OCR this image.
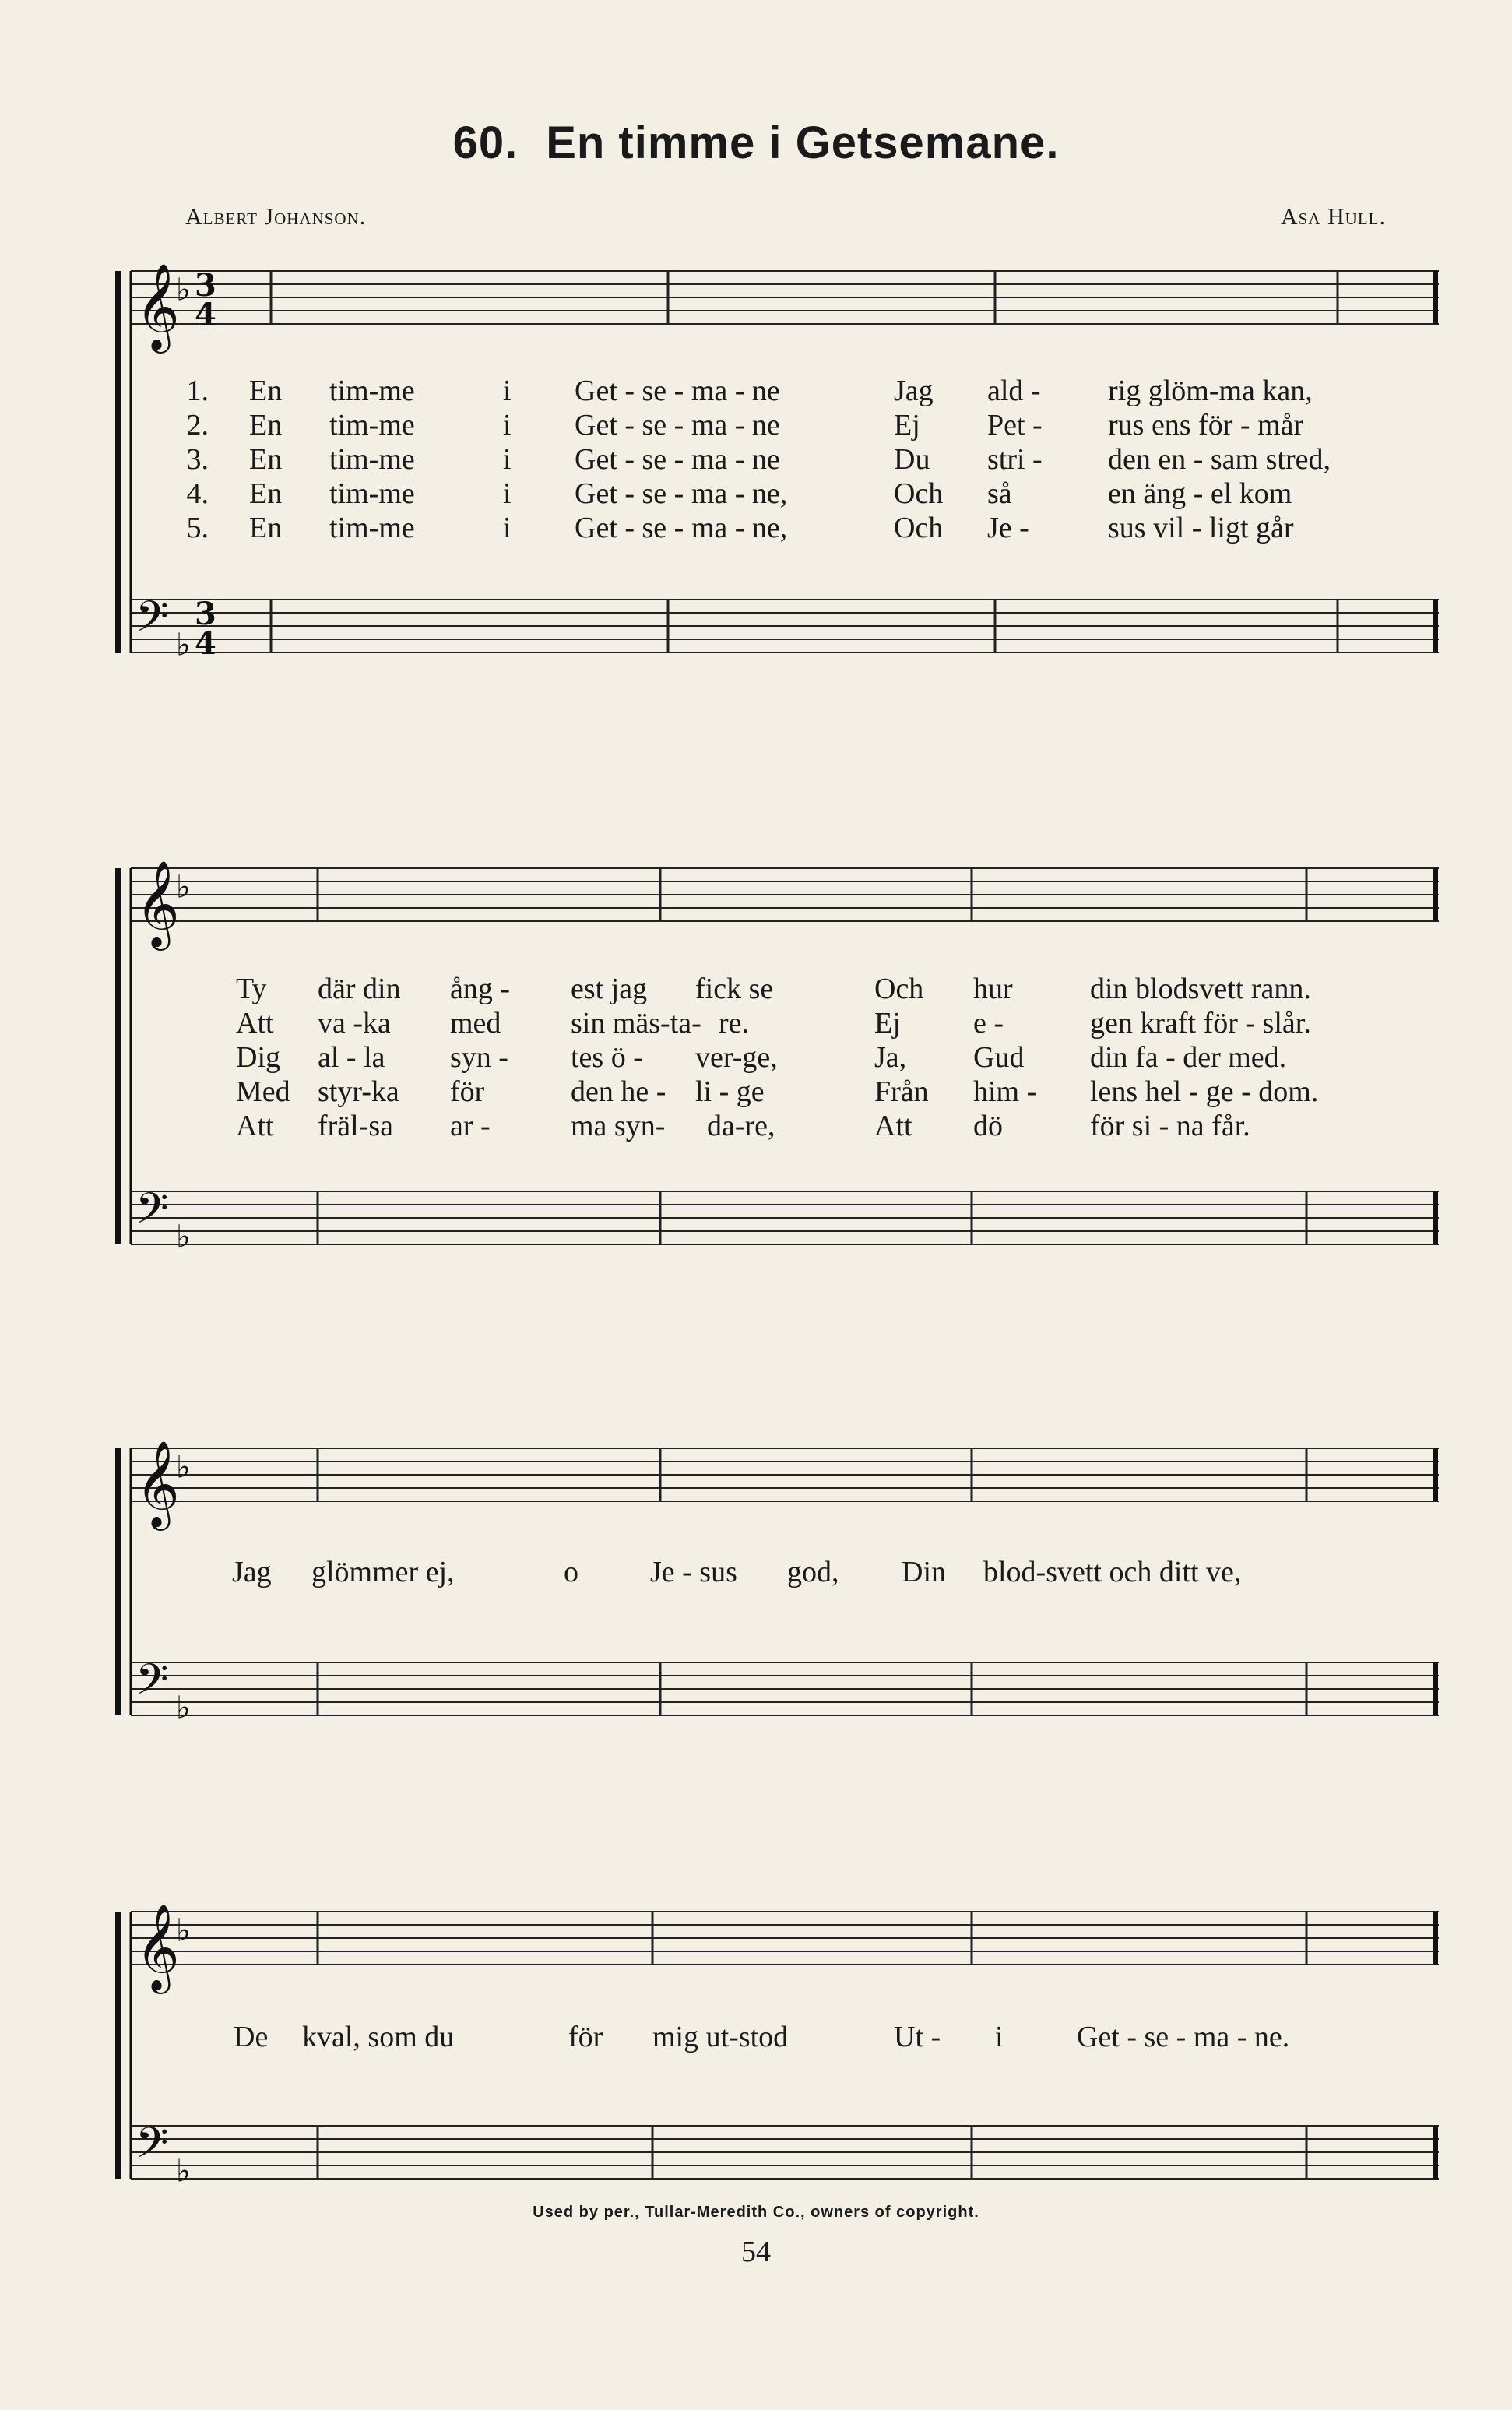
60. En timme i Getsemane.
Albert Johanson.	Asa Hull.
𝄞
♭ 3
4
𝄢 ♭
3
4
1. En tim-me	i Get - se - ma - ne	Jag ald - rig glöm-ma kan,
2. En tim-me	i Get - se - ma - ne	Ej Pet - rus ens för - mår
3. En tim-me	i Get - se - ma - ne	Du stri - den en - sam stred,
4. En tim-me	i Get - se - ma - ne,	Och så	en äng - el kom
5. En tim-me	i Get - se - ma - ne,	Och Je -	sus vil - ligt går
𝄞
♭
𝄢 ♭
Ty där din ång - est jag fick se	Och hur	din blodsvett rann.
Att va -ka med sin mäs-ta- re.	Ej e -	gen kraft för - slår.
Dig al - la syn - tes ö - ver-ge,	Ja, Gud din fa - der med.
Med styr-ka för	den he - li - ge	Från him - lens hel - ge - dom.
Att fräl-sa ar -	ma syn- da-re,	Att dö	för si - na får.
𝄞
♭
𝄢 ♭
Jag glömmer ej,	o Je - sus god, Din blod-svett och ditt ve,
𝄞
♭
𝄢 ♭
De kval, som du	för mig ut-stod	Ut - i Get - se - ma - ne.
Used by per., Tullar-Meredith Co., owners of copyright.
54
